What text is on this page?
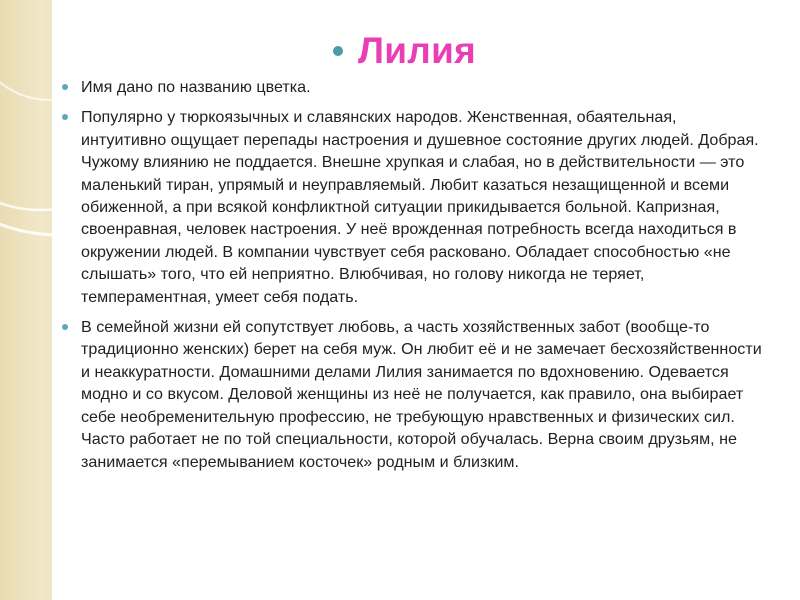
Лилия
Имя дано по названию цветка.
Популярно у тюркоязычных и славянских народов. Женственная, обаятельная, интуитивно ощущает перепады настроения и душевное состояние других людей. Добрая. Чужому влиянию не поддается. Внешне хрупкая и слабая, но в действительности — это маленький тиран, упрямый и неуправляемый. Любит казаться незащищенной и всеми обиженной, а при всякой конфликтной ситуации прикидывается больной. Капризная, своенравная, человек настроения. У неё врожденная потребность всегда находиться в окружении людей. В компании чувствует себя расковано. Обладает способностью «не слышать» того, что ей неприятно. Влюбчивая, но голову никогда не теряет, темпераментная, умеет себя подать.
В семейной жизни ей сопутствует любовь, а часть хозяйственных забот (вообще-то традиционно женских) берет на себя муж. Он любит её и не замечает бесхозяйственности и неаккуратности. Домашними делами Лилия занимается по вдохновению. Одевается модно и со вкусом. Деловой женщины из неё не получается, как правило, она выбирает себе необременительную профессию, не требующую нравственных и физических сил. Часто работает не по той специальности, которой обучалась. Верна своим друзьям, не занимается «перемыванием косточек» родным и близким.
